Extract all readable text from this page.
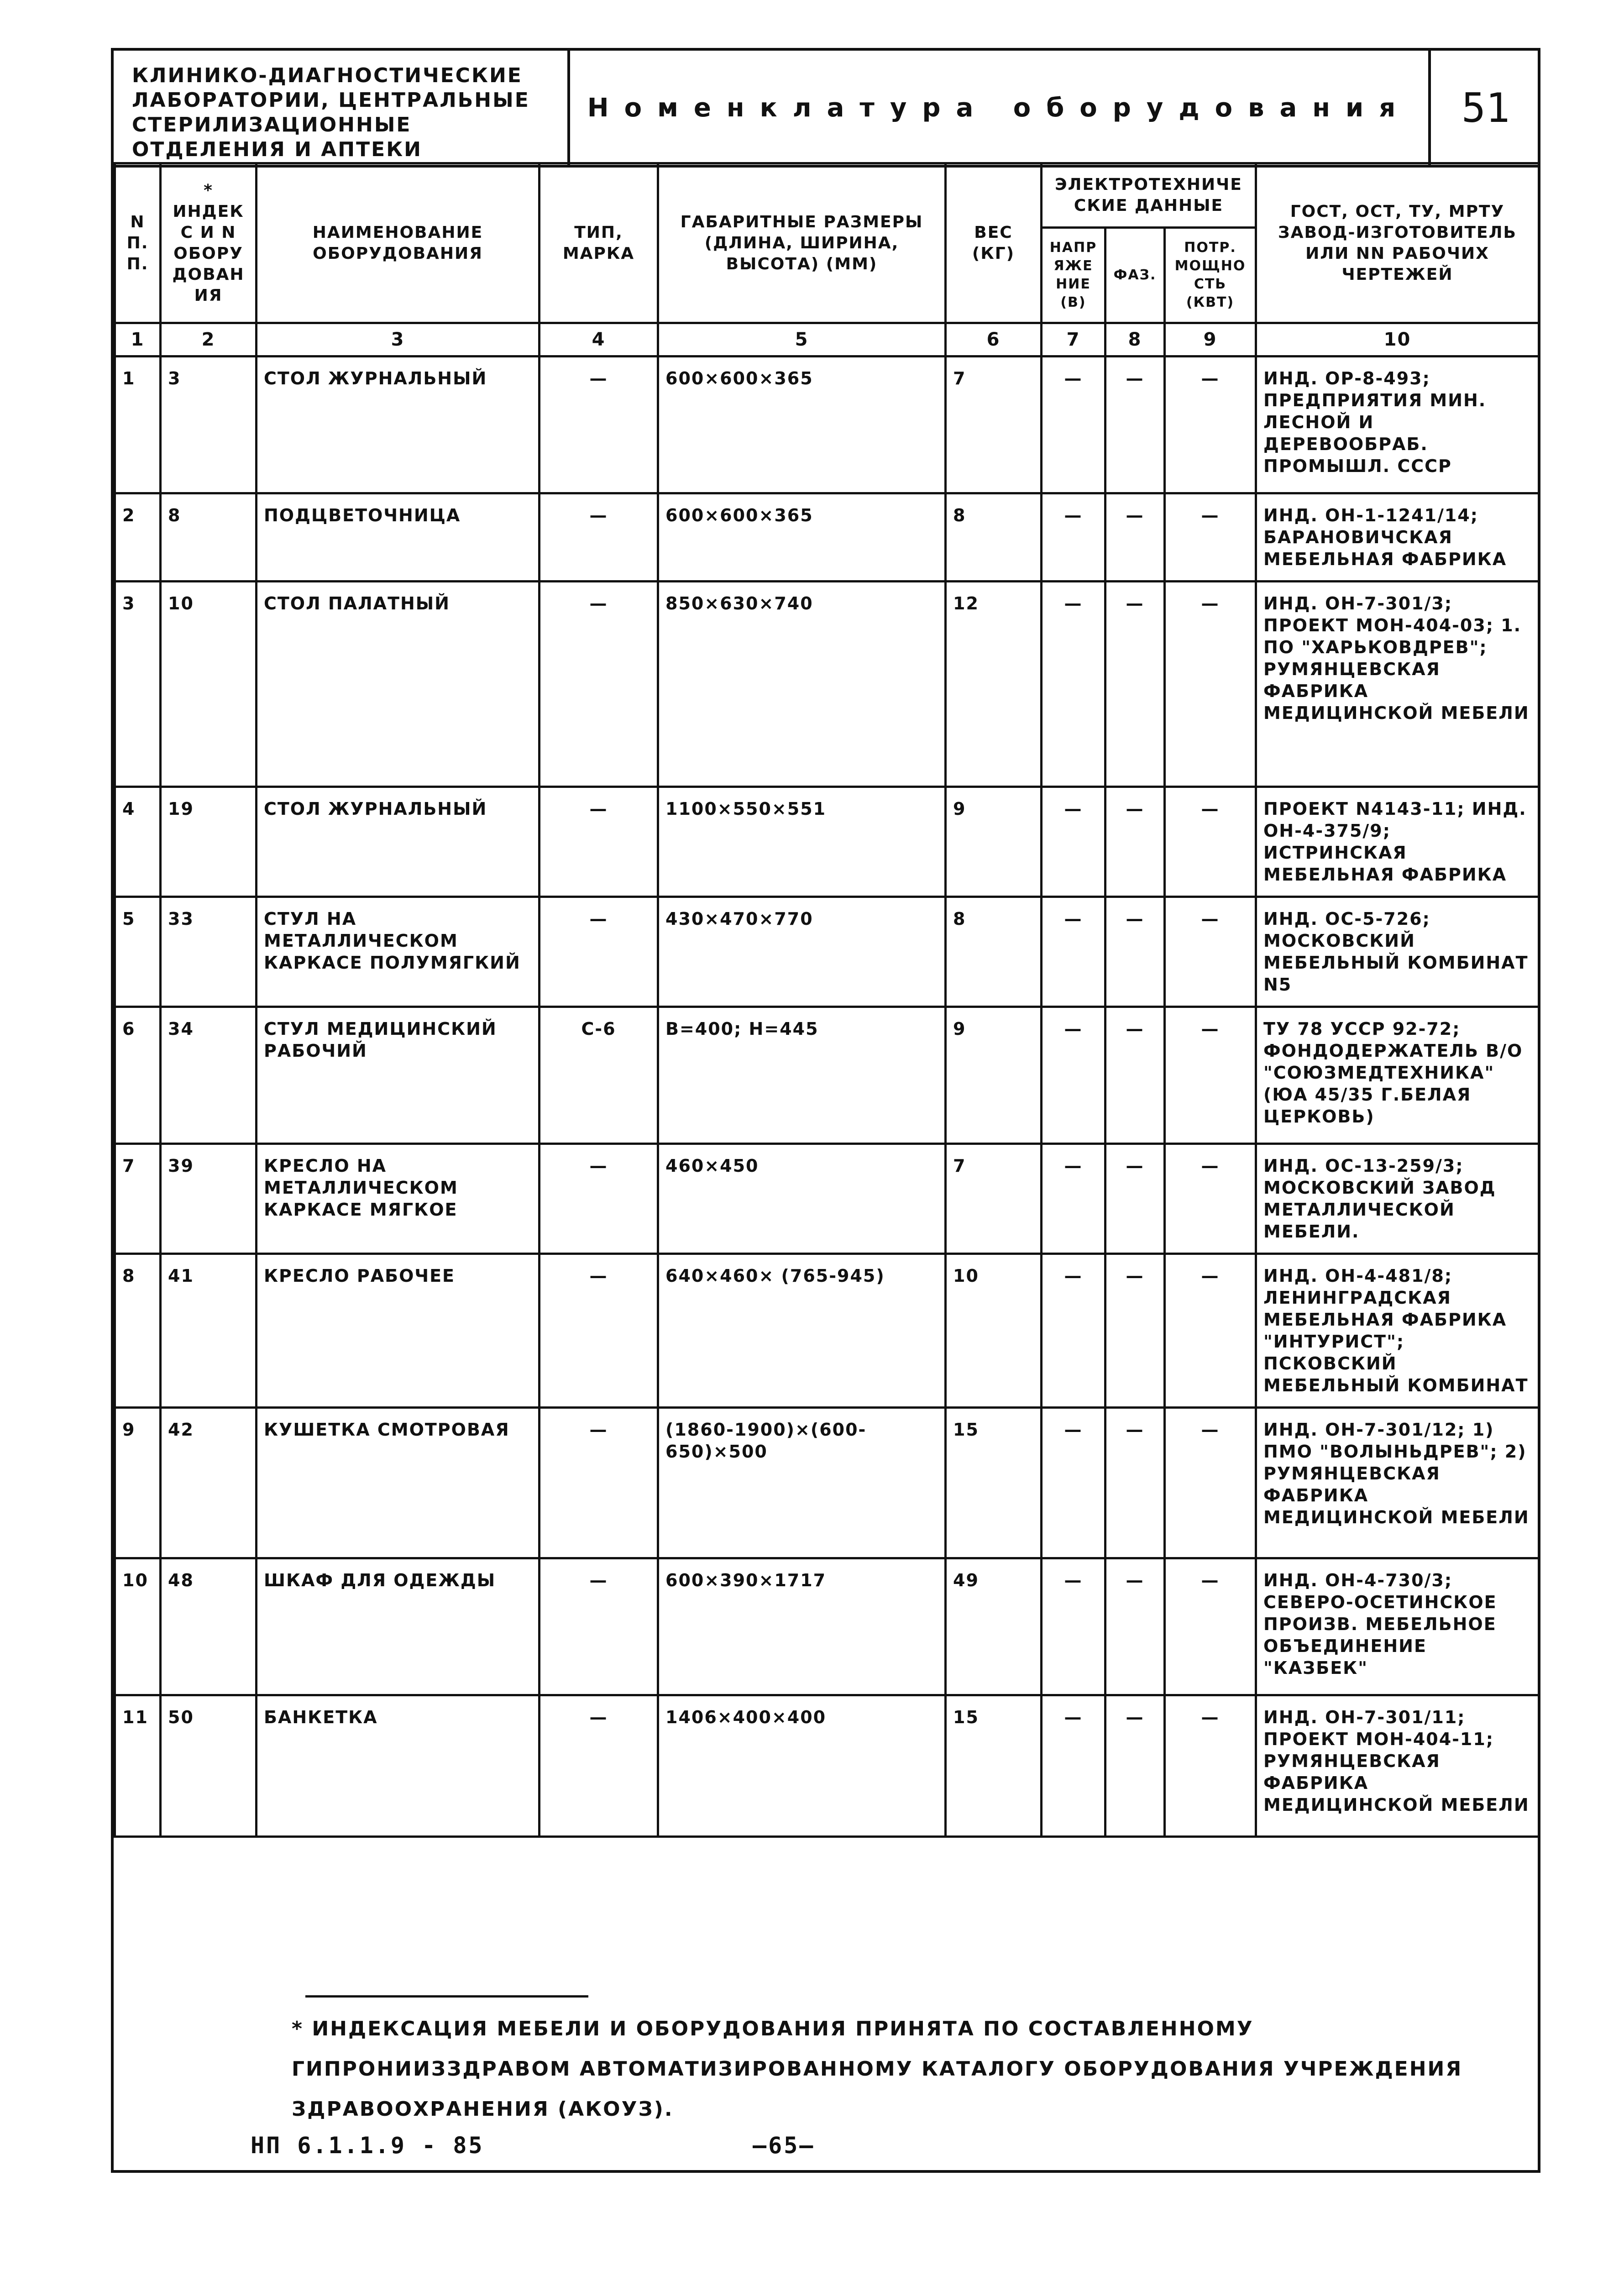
КЛИНИКО-ДИАГНОСТИЧЕСКИЕ ЛАБОРАТОРИИ, ЦЕНТРАЛЬНЫЕ СТЕРИЛИЗАЦИОННЫЕ ОТДЕЛЕНИЯ И АПТЕКИ
Номенклатура оборудования	51
N П.П.	* ИНДЕКС И N ОБОРУДОВАНИЯ	НАИМЕНОВАНИЕ ОБОРУДОВАНИЯ	ТИП, МАРКА	ГАБАРИТНЫЕ РАЗМЕРЫ (ДЛИНА, ШИРИНА, ВЫСОТА) (ММ)	ВЕС (КГ)	ЭЛЕКТРОТЕХНИЧЕСКИЕ ДАННЫЕ			ГОСТ, ОСТ, ТУ, МРТУ ЗАВОД-ИЗГОТОВИТЕЛЬ ИЛИ NN РАБОЧИХ ЧЕРТЕЖЕЙ
						НАПРЯЖЕНИЕ (В)	ФАЗ.	ПОТР. МОЩНОСТЬ (КВТ)	
1	2	3	4	5	6	7	8	9	10
1	3	СТОЛ ЖУРНАЛЬНЫЙ	—	600×600×365	7	—	—	—	ИНД. ОР-8-493; ПРЕДПРИЯТИЯ МИН. ЛЕСНОЙ И ДЕРЕВООБРАБ. ПРОМЫШЛ. СССР
2	8	ПОДЦВЕТОЧНИЦА	—	600×600×365	8	—	—	—	ИНД. ОН-1-1241/14; БАРАНОВИЧСКАЯ МЕБЕЛЬНАЯ ФАБРИКА
3	10	СТОЛ ПАЛАТНЫЙ	—	850×630×740	12	—	—	—	ИНД. ОН-7-301/3; ПРОЕКТ МОН-404-03; 1. ПО "ХАРЬКОВДРЕВ"; РУМЯНЦЕВСКАЯ ФАБРИКА МЕДИЦИНСКОЙ МЕБЕЛИ
4	19	СТОЛ ЖУРНАЛЬНЫЙ	—	1100×550×551	9	—	—	—	ПРОЕКТ N4143-11; ИНД. ОН-4-375/9; ИСТРИНСКАЯ МЕБЕЛЬНАЯ ФАБРИКА
5	33	СТУЛ НА МЕТАЛЛИЧЕСКОМ КАРКАСЕ ПОЛУМЯГКИЙ	—	430×470×770	8	—	—	—	ИНД. ОС-5-726; МОСКОВСКИЙ МЕБЕЛЬНЫЙ КОМБИНАТ N5
6	34	СТУЛ МЕДИЦИНСКИЙ РАБОЧИЙ	С-6	В=400; Н=445	9	—	—	—	ТУ 78 УССР 92-72; ФОНДОДЕРЖАТЕЛЬ В/О "СОЮЗМЕДТЕХНИКА" (ЮА 45/35 Г.БЕЛАЯ ЦЕРКОВЬ)
7	39	КРЕСЛО НА МЕТАЛЛИЧЕСКОМ КАРКАСЕ МЯГКОЕ	—	460×450	7	—	—	—	ИНД. ОС-13-259/3; МОСКОВСКИЙ ЗАВОД МЕТАЛЛИЧЕСКОЙ МЕБЕЛИ.
8	41	КРЕСЛО РАБОЧЕЕ	—	640×460× (765-945)	10	—	—	—	ИНД. ОН-4-481/8; ЛЕНИНГРАДСКАЯ МЕБЕЛЬНАЯ ФАБРИКА "ИНТУРИСТ"; ПСКОВСКИЙ МЕБЕЛЬНЫЙ КОМБИНАТ
9	42	КУШЕТКА СМОТРОВАЯ	—	(1860-1900)×(600-650)×500	15	—	—	—	ИНД. ОН-7-301/12; 1) ПМО "ВОЛЫНЬДРЕВ"; 2) РУМЯНЦЕВСКАЯ ФАБРИКА МЕДИЦИНСКОЙ МЕБЕЛИ
10	48	ШКАФ ДЛЯ ОДЕЖДЫ	—	600×390×1717	49	—	—	—	ИНД. ОН-4-730/3; СЕВЕРО-ОСЕТИНСКОЕ ПРОИЗВ. МЕБЕЛЬНОЕ ОБЪЕДИНЕНИЕ "КАЗБЕК"
11	50	БАНКЕТКА	—	1406×400×400	15	—	—	—	ИНД. ОН-7-301/11; ПРОЕКТ МОН-404-11; РУМЯНЦЕВСКАЯ ФАБРИКА МЕДИЦИНСКОЙ МЕБЕЛИ
* ИНДЕКСАЦИЯ МЕБЕЛИ И ОБОРУДОВАНИЯ ПРИНЯТА ПО СОСТАВЛЕННОМУ ГИПРОНИИЗЗДРАВОМ АВТОМАТИЗИРОВАННОМУ КАТАЛОГУ ОБОРУДОВАНИЯ УЧРЕЖДЕНИЯ ЗДРАВООХРАНЕНИЯ (АКОУЗ).
НП 6.1.1.9 - 85	—65—
